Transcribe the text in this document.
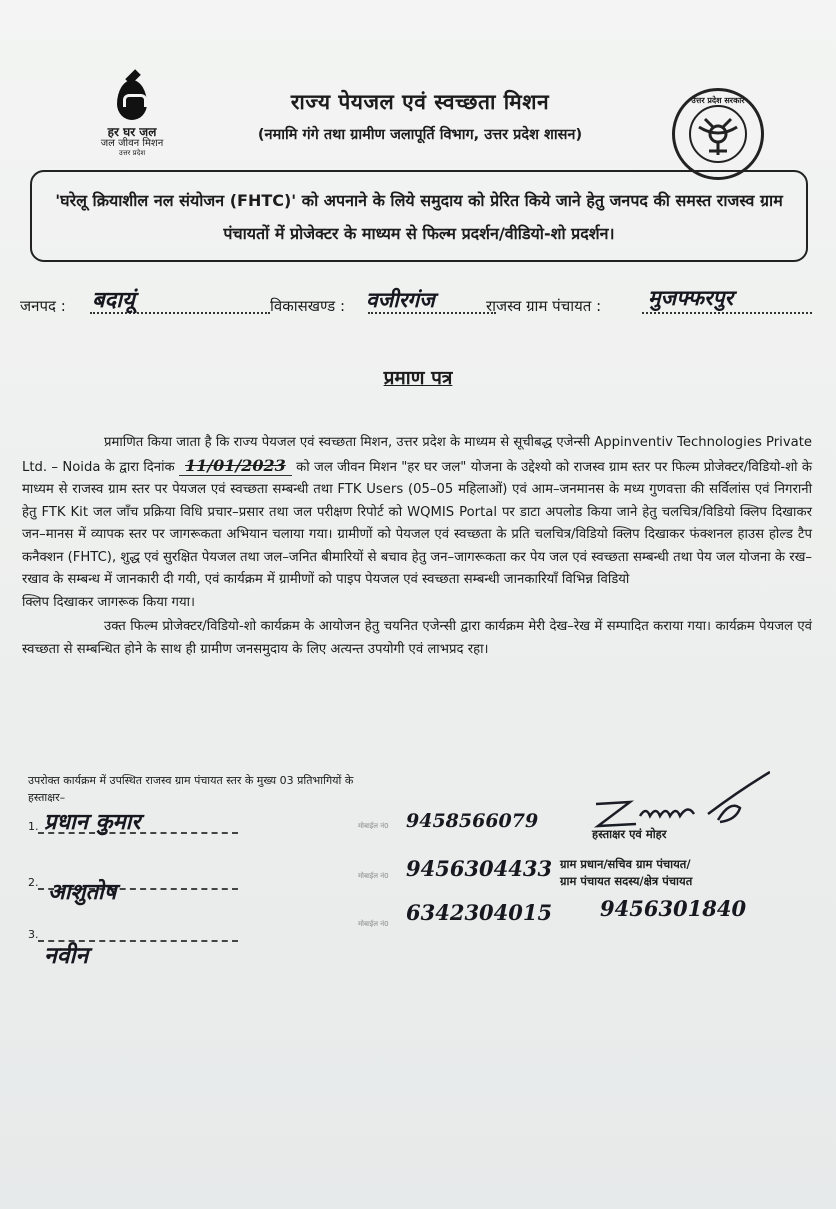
हर घर जल
जल जीवन मिशन
उत्तर प्रदेश
राज्य पेयजल एवं स्वच्छता मिशन
(नमामि गंगे तथा ग्रामीण जलापूर्ति विभाग, उत्तर प्रदेश शासन)
उत्तर प्रदेश सरकार
'घरेलू क्रियाशील नल संयोजन (FHTC)' को अपनाने के लिये समुदाय को प्रेरित किये जाने हेतु जनपद की समस्त राजस्व ग्राम पंचायतों में प्रोजेक्टर के माध्यम से फिल्म प्रदर्शन/वीडियो-शो प्रदर्शन।
जनपद : बदायूं	विकासखण्ड : वजीरगंज	राजस्व ग्राम पंचायत : मुजफ्फरपुर
प्रमाण पत्र

प्रमाणित किया जाता है कि राज्य पेयजल एवं स्वच्छता मिशन, उत्तर प्रदेश के माध्यम से सूचीबद्ध एजेन्सी Appinventiv Technologies Private Ltd. – Noida के द्वारा दिनांक 11/01/2023 को जल जीवन मिशन "हर घर जल" योजना के उद्देश्यो को राजस्व ग्राम स्तर पर फिल्म प्रोजेक्टर/विडियो-शो के माध्यम से राजस्व ग्राम स्तर पर पेयजल एवं स्वच्छता सम्बन्धी तथा FTK Users (05–05 महिलाओं) एवं आम–जनमानस के मध्य गुणवत्ता की सर्विलांस एवं निगरानी हेतु FTK Kit जल जाँच प्रक्रिया विधि प्रचार–प्रसार तथा जल परीक्षण रिपोर्ट को WQMIS Portal पर डाटा अपलोड किया जाने हेतु चलचित्र/विडियो क्लिप दिखाकर जन–मानस में व्यापक स्तर पर जागरूकता अभियान चलाया गया। ग्रामीणों को पेयजल एवं स्वच्छता के प्रति चलचित्र/विडियो क्लिप दिखाकर फंक्शनल हाउस होल्ड टैप कनैक्शन (FHTC), शुद्ध एवं सुरक्षित पेयजल तथा जल–जनित बीमारियों से बचाव हेतु जन–जागरूकता कर पेय जल एवं स्वच्छता सम्बन्धी तथा पेय जल योजना के रख–रखाव के सम्बन्ध में जानकारी दी गयी, एवं कार्यक्रम में ग्रामीणों को पाइप पेयजल एवं स्वच्छता सम्बन्धी जानकारियाँ विभिन्न विडियो

क्लिप दिखाकर जागरूक किया गया।

उक्त फिल्म प्रोजेक्टर/विडियो-शो कार्यक्रम के आयोजन हेतु चयनित एजेन्सी द्वारा कार्यक्रम मेरी देख–रेख में सम्पादित कराया गया। कार्यक्रम पेयजल एवं स्वच्छता से सम्बन्धित होने के साथ ही ग्रामीण जनसमुदाय के लिए अत्यन्त उपयोगी एवं लाभप्रद रहा।

उपरोक्त कार्यक्रम में उपस्थित राजस्व ग्राम पंचायत स्तर के मुख्य 03 प्रतिभागियों के
हस्ताक्षर–
1. प्रधान कुमार
2. आशुतोष
3.
नवीन
मोबाईल नं0 9458566079
मोबाईल नं0 9456304433
मोबाईल नं0 6342304015 9456301840
हस्ताक्षर एवं मोहर
ग्राम प्रधान/सचिव ग्राम पंचायत/
ग्राम पंचायत सदस्य/क्षेत्र पंचायत
